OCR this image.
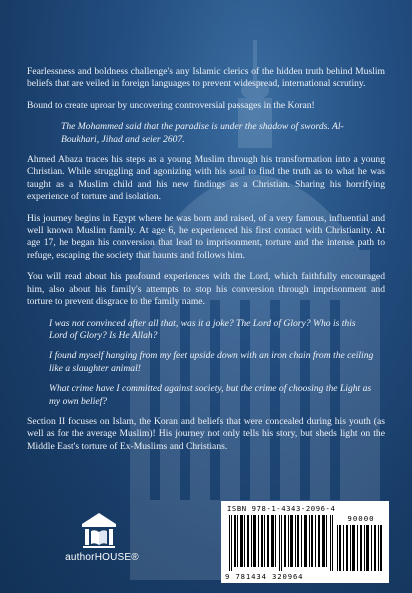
Fearlessness and boldness challenge's any Islamic clerics of the hidden truth behind Muslim beliefs that are veiled in foreign languages to prevent widespread, international scrutiny.

Bound to create uproar by uncovering controversial passages in the Koran!

The Mohammed said that the paradise is under the shadow of swords. Al-Boukhari, Jihad and seier 2607.

Ahmed Abaza traces his steps as a young Muslim through his transformation into a young Christian. While struggling and agonizing with his soul to find the truth as to what he was taught as a Muslim child and his new findings as a Christian. Sharing his horrifying experience of torture and isolation.

His journey begins in Egypt where he was born and raised, of a very famous, influential and well known Muslim family. At age 6, he experienced his first contact with Christianity. At age 17, he began his conversion that lead to imprisonment, torture and the intense path to refuge, escaping the society that haunts and follows him.

You will read about his profound experiences with the Lord, which faithfully encouraged him, also about his family's attempts to stop his conversion through imprisonment and torture to prevent disgrace to the family name.

I was not convinced after all that, was it a joke? The Lord of Glory? Who is this Lord of Glory? Is He Allah?

I found myself hanging from my feet upside down with an iron chain from the ceiling like a slaughter animal!

What crime have I committed against society, but the crime of choosing the Light as my own belief?

Section II focuses on Islam, the Koran and beliefs that were concealed during his youth (as well as for the average Muslim)! His journey not only tells his story, but sheds light on the Middle East's torture of Ex-Muslims and Christians.

authorHOUSE®
ISBN 978-1-4343-2096-4
90000
9 781434 320964
